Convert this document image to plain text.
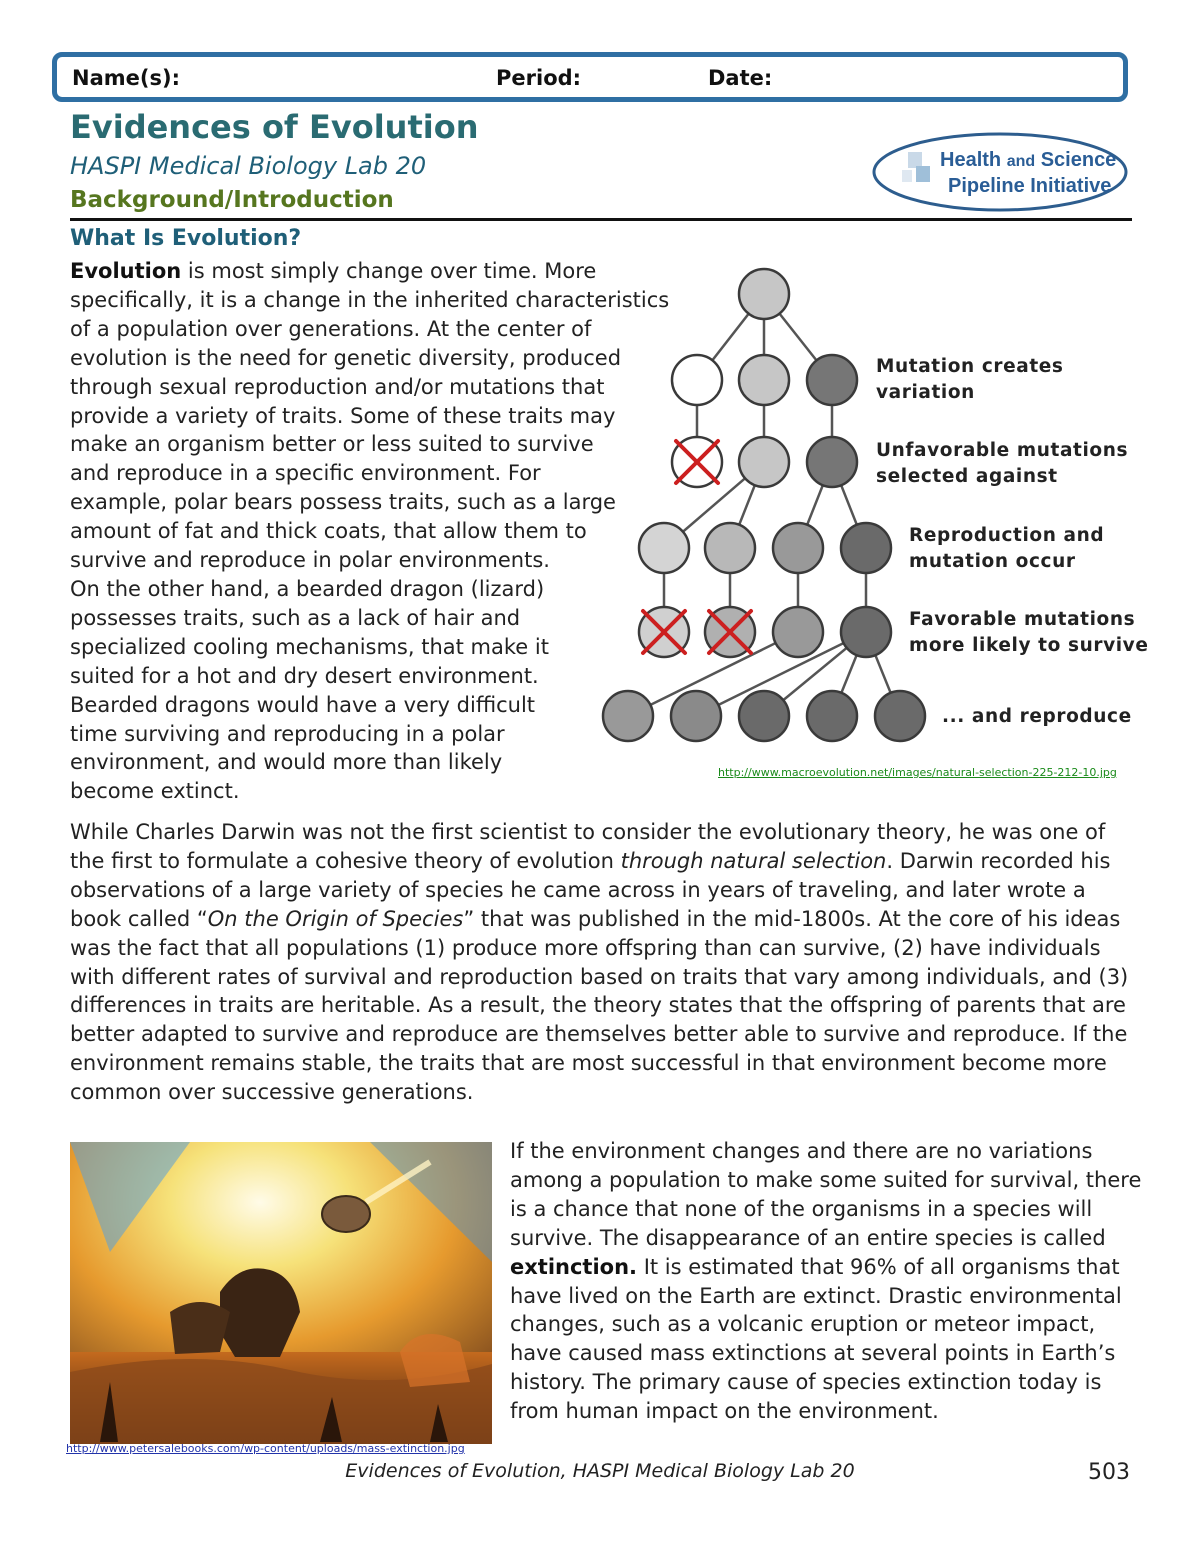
Name(s):	Period:	Date:
Evidences of Evolution
HASPI Medical Biology Lab 20
Background/Introduction
Health and Science
Pipeline Initiative
What Is Evolution?
Evolution is most simply change over time. More
specifically, it is a change in the inherited characteristics
of a population over generations. At the center of
evolution is the need for genetic diversity, produced
through sexual reproduction and/or mutations that
provide a variety of traits. Some of these traits may
make an organism better or less suited to survive
and reproduce in a specific environment. For
example, polar bears possess traits, such as a large
amount of fat and thick coats, that allow them to
survive and reproduce in polar environments.
On the other hand, a bearded dragon (lizard)
possesses traits, such as a lack of hair and
specialized cooling mechanisms, that make it
suited for a hot and dry desert environment.
Bearded dragons would have a very difficult
time surviving and reproducing in a polar
environment, and would more than likely
become extinct.
Mutation creates
variation
Unfavorable mutations
selected against
Reproduction and
mutation occur
Favorable mutations
more likely to survive
... and reproduce
http://www.macroevolution.net/images/natural-selection-225-212-10.jpg
While Charles Darwin was not the first scientist to consider the evolutionary theory, he was one of the first to formulate a cohesive theory of evolution through natural selection. Darwin recorded his observations of a large variety of species he came across in years of traveling, and later wrote a book called “On the Origin of Species” that was published in the mid-1800s. At the core of his ideas was the fact that all populations (1) produce more offspring than can survive, (2) have individuals with different rates of survival and reproduction based on traits that vary among individuals, and (3) differences in traits are heritable. As a result, the theory states that the offspring of parents that are better adapted to survive and reproduce are themselves better able to survive and reproduce. If the environment remains stable, the traits that are most successful in that environment become more common over successive generations.
http://www.petersalebooks.com/wp-content/uploads/mass-extinction.jpg
If the environment changes and there are no variations among a population to make some suited for survival, there is a chance that none of the organisms in a species will survive. The disappearance of an entire species is called extinction. It is estimated that 96% of all organisms that have lived on the Earth are extinct. Drastic environmental changes, such as a volcanic eruption or meteor impact, have caused mass extinctions at several points in Earth’s history. The primary cause of species extinction today is from human impact on the environment.
Evidences of Evolution, HASPI Medical Biology Lab 20	503
